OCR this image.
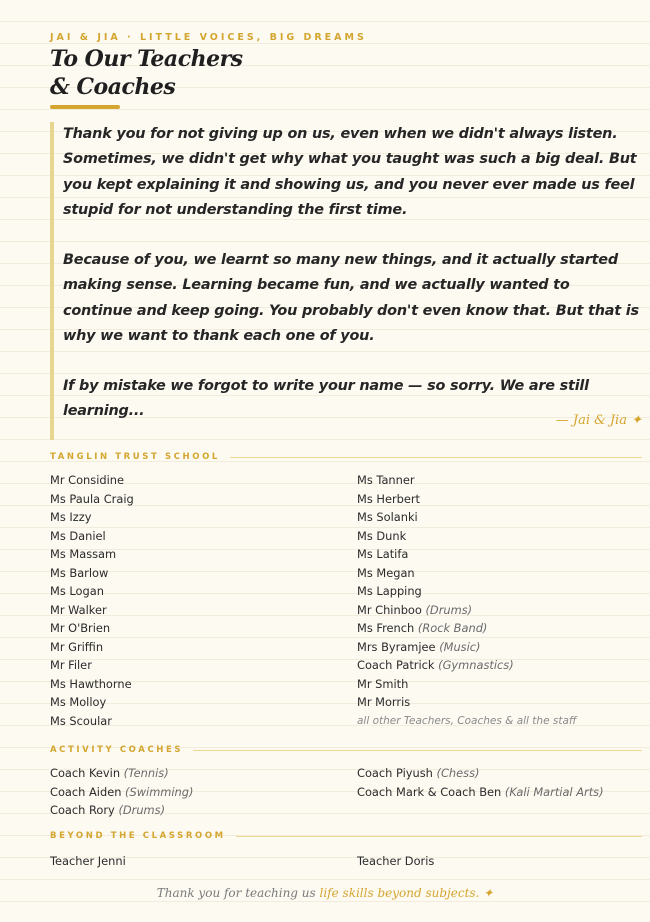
JAI & JIA · LITTLE VOICES, BIG DREAMS
To Our Teachers
& Coaches

Thank you for not giving up on us, even when we didn't always listen. Sometimes, we didn't get why what you taught was such a big deal. But you kept explaining it and showing us, and you never ever made us feel stupid for not understanding the first time.

Because of you, we learnt so many new things, and it actually started making sense. Learning became fun, and we actually wanted to continue and keep going. You probably don't even know that. But that is why we want to thank each one of you.

If by mistake we forgot to write your name — so sorry. We are still learning...

— Jai & Jia ✦
TANGLIN TRUST SCHOOL
Mr Considine
Ms Paula Craig
Ms Izzy
Ms Daniel
Ms Massam
Ms Barlow
Ms Logan
Mr Walker
Mr O'Brien
Mr Griffin
Mr Filer
Ms Hawthorne
Ms Molloy
Ms Scoular
Ms Tanner
Ms Herbert
Ms Solanki
Ms Dunk
Ms Latifa
Ms Megan
Ms Lapping
Mr Chinboo (Drums)
Ms French (Rock Band)
Mrs Byramjee (Music)
Coach Patrick (Gymnastics)
Mr Smith
Mr Morris
all other Teachers, Coaches & all the staff
ACTIVITY COACHES
Coach Kevin (Tennis)
Coach Aiden (Swimming)
Coach Rory (Drums)
Coach Piyush (Chess)
Coach Mark & Coach Ben (Kali Martial Arts)
BEYOND THE CLASSROOM
Teacher Jenni	Teacher Doris
Thank you for teaching us life skills beyond subjects. ✦
